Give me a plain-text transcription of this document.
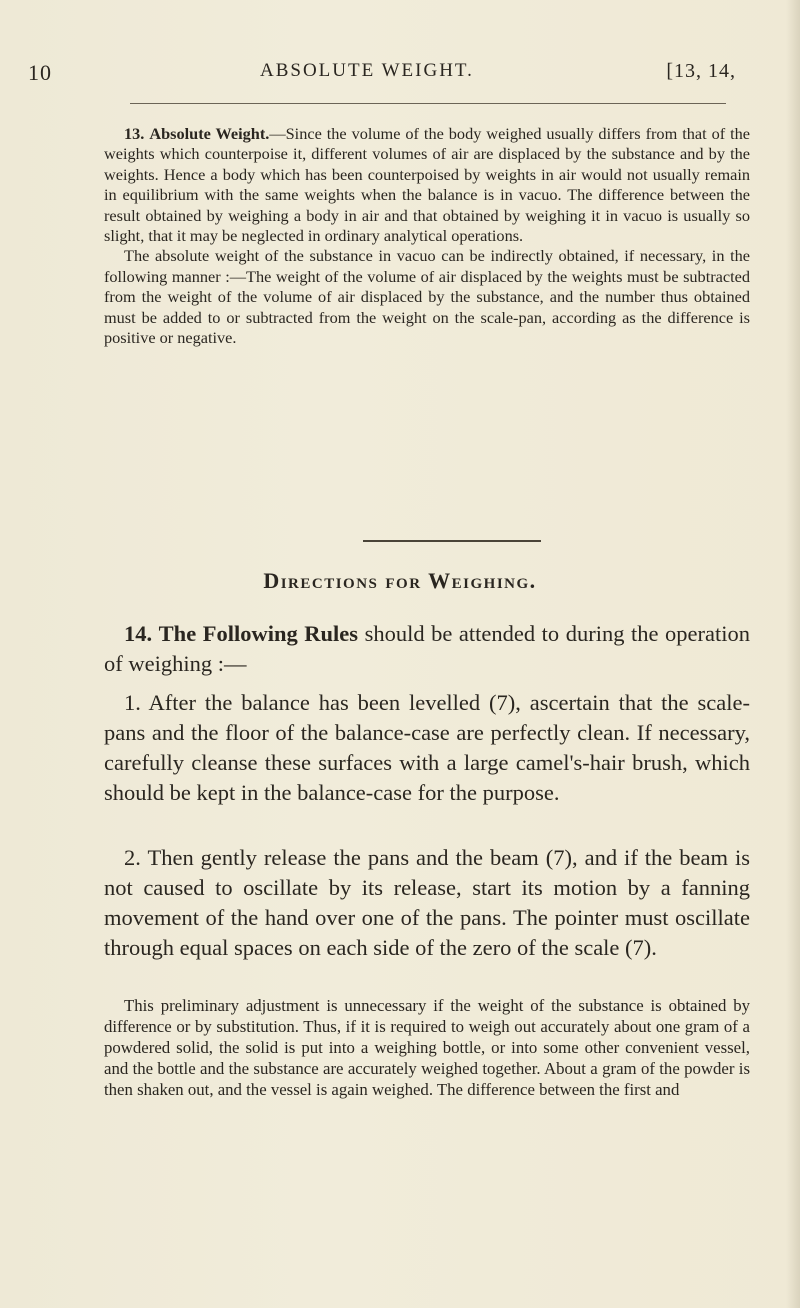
10	ABSOLUTE WEIGHT.	[13, 14,

13. Absolute Weight.—Since the volume of the body weighed usually differs from that of the weights which counterpoise it, different volumes of air are displaced by the substance and by the weights. Hence a body which has been counterpoised by weights in air would not usually remain in equilibrium with the same weights when the balance is in vacuo. The difference between the result obtained by weighing a body in air and that obtained by weighing it in vacuo is usually so slight, that it may be neglected in ordinary analytical operations.

The absolute weight of the substance in vacuo can be indirectly obtained, if necessary, in the following manner :—The weight of the volume of air displaced by the weights must be subtracted from the weight of the volume of air displaced by the substance, and the number thus obtained must be added to or subtracted from the weight on the scale-pan, according as the difference is positive or negative.

Directions for Weighing.

14. The Following Rules should be attended to during the operation of weighing :—

1. After the balance has been levelled (7), ascertain that the scale-pans and the floor of the balance-case are perfectly clean. If necessary, carefully cleanse these surfaces with a large camel's-hair brush, which should be kept in the balance-case for the purpose.

2. Then gently release the pans and the beam (7), and if the beam is not caused to oscillate by its release, start its motion by a fanning movement of the hand over one of the pans. The pointer must oscillate through equal spaces on each side of the zero of the scale (7).

This preliminary adjustment is unnecessary if the weight of the substance is obtained by difference or by substitution. Thus, if it is required to weigh out accurately about one gram of a powdered solid, the solid is put into a weighing bottle, or into some other convenient vessel, and the bottle and the substance are accurately weighed together. About a gram of the powder is then shaken out, and the vessel is again weighed. The difference between the first and
